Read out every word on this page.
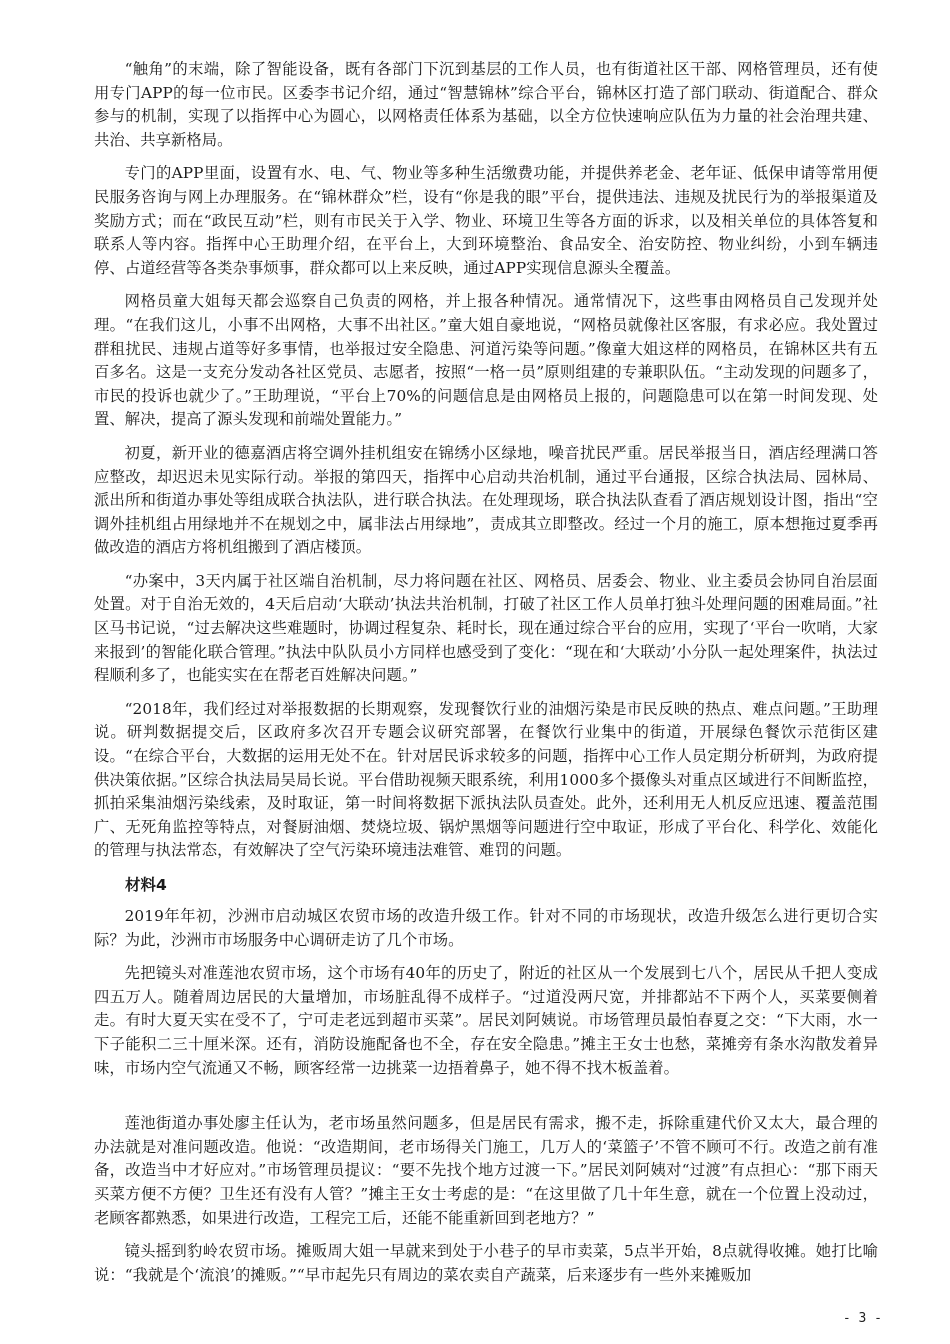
“触角”的末端，除了智能设备，既有各部门下沉到基层的工作人员，也有街道社区干部、网格管理员，还有使用专门APP的每一位市民。区委李书记介绍，通过“智慧锦林”综合平台，锦林区打造了部门联动、街道配合、群众参与的机制，实现了以指挥中心为圆心，以网格责任体系为基础，以全方位快速响应队伍为力量的社会治理共建、共治、共享新格局。

专门的APP里面，设置有水、电、气、物业等多种生活缴费功能，并提供养老金、老年证、低保申请等常用便民服务咨询与网上办理服务。在“锦林群众”栏，设有“你是我的眼”平台，提供违法、违规及扰民行为的举报渠道及奖励方式；而在“政民互动”栏，则有市民关于入学、物业、环境卫生等各方面的诉求，以及相关单位的具体答复和联系人等内容。指挥中心王助理介绍，在平台上，大到环境整治、食品安全、治安防控、物业纠纷，小到车辆违停、占道经营等各类杂事烦事，群众都可以上来反映，通过APP实现信息源头全覆盖。

网格员童大姐每天都会巡察自己负责的网格，并上报各种情况。通常情况下，这些事由网格员自己发现并处理。“在我们这儿，小事不出网格，大事不出社区。”童大姐自豪地说，“网格员就像社区客服，有求必应。我处置过群租扰民、违规占道等好多事情，也举报过安全隐患、河道污染等问题。”像童大姐这样的网格员，在锦林区共有五百多名。这是一支充分发动各社区党员、志愿者，按照“一格一员”原则组建的专兼职队伍。“主动发现的问题多了，市民的投诉也就少了。”王助理说，“平台上70%的问题信息是由网格员上报的，问题隐患可以在第一时间发现、处置、解决，提高了源头发现和前端处置能力。”

初夏，新开业的德嘉酒店将空调外挂机组安在锦绣小区绿地，噪音扰民严重。居民举报当日，酒店经理满口答应整改，却迟迟未见实际行动。举报的第四天，指挥中心启动共治机制，通过平台通报，区综合执法局、园林局、派出所和街道办事处等组成联合执法队，进行联合执法。在处理现场，联合执法队查看了酒店规划设计图，指出“空调外挂机组占用绿地并不在规划之中，属非法占用绿地”，责成其立即整改。经过一个月的施工，原本想拖过夏季再做改造的酒店方将机组搬到了酒店楼顶。

“办案中，3天内属于社区端自治机制，尽力将问题在社区、网格员、居委会、物业、业主委员会协同自治层面处置。对于自治无效的，4天后启动‘大联动’执法共治机制，打破了社区工作人员单打独斗处理问题的困难局面。”社区马书记说，“过去解决这些难题时，协调过程复杂、耗时长，现在通过综合平台的应用，实现了‘平台一吹哨，大家来报到’的智能化联合管理。”执法中队队员小方同样也感受到了变化：“现在和‘大联动’小分队一起处理案件，执法过程顺利多了，也能实实在在帮老百姓解决问题。”

“2018年，我们经过对举报数据的长期观察，发现餐饮行业的油烟污染是市民反映的热点、难点问题。”王助理说。研判数据提交后，区政府多次召开专题会议研究部署，在餐饮行业集中的街道，开展绿色餐饮示范街区建设。“在综合平台，大数据的运用无处不在。针对居民诉求较多的问题，指挥中心工作人员定期分析研判，为政府提供决策依据。”区综合执法局吴局长说。平台借助视频天眼系统，利用1000多个摄像头对重点区域进行不间断监控，抓拍采集油烟污染线索，及时取证，第一时间将数据下派执法队员查处。此外，还利用无人机反应迅速、覆盖范围广、无死角监控等特点，对餐厨油烟、焚烧垃圾、锅炉黑烟等问题进行空中取证，形成了平台化、科学化、效能化的管理与执法常态，有效解决了空气污染环境违法难管、难罚的问题。

材料4

2019年年初，沙洲市启动城区农贸市场的改造升级工作。针对不同的市场现状，改造升级怎么进行更切合实际？为此，沙洲市市场服务中心调研走访了几个市场。

先把镜头对准莲池农贸市场，这个市场有40年的历史了，附近的社区从一个发展到七八个，居民从千把人变成四五万人。随着周边居民的大量增加，市场脏乱得不成样子。“过道没两尺宽，并排都站不下两个人，买菜要侧着走。有时大夏天实在受不了，宁可走老远到超市买菜”。居民刘阿姨说。市场管理员最怕春夏之交：“下大雨，水一下子能积二三十厘米深。还有，消防设施配备也不全，存在安全隐患。”摊主王女士也愁，菜摊旁有条水沟散发着异味，市场内空气流通又不畅，顾客经常一边挑菜一边捂着鼻子，她不得不找木板盖着。

莲池街道办事处廖主任认为，老市场虽然问题多，但是居民有需求，搬不走，拆除重建代价又太大，最合理的办法就是对准问题改造。他说：“改造期间，老市场得关门施工，几万人的‘菜篮子’不管不顾可不行。改造之前有准备，改造当中才好应对。”市场管理员提议：“要不先找个地方过渡一下。”居民刘阿姨对“过渡”有点担心：“那下雨天买菜方便不方便？卫生还有没有人管？”摊主王女士考虑的是：“在这里做了几十年生意，就在一个位置上没动过，老顾客都熟悉，如果进行改造，工程完工后，还能不能重新回到老地方？”

镜头摇到豹岭农贸市场。摊贩周大姐一早就来到处于小巷子的早市卖菜，5点半开始，8点就得收摊。她打比喻说：“我就是个‘流浪’的摊贩。”“早市起先只有周边的菜农卖自产蔬菜，后来逐步有一些外来摊贩加

- 3 -
